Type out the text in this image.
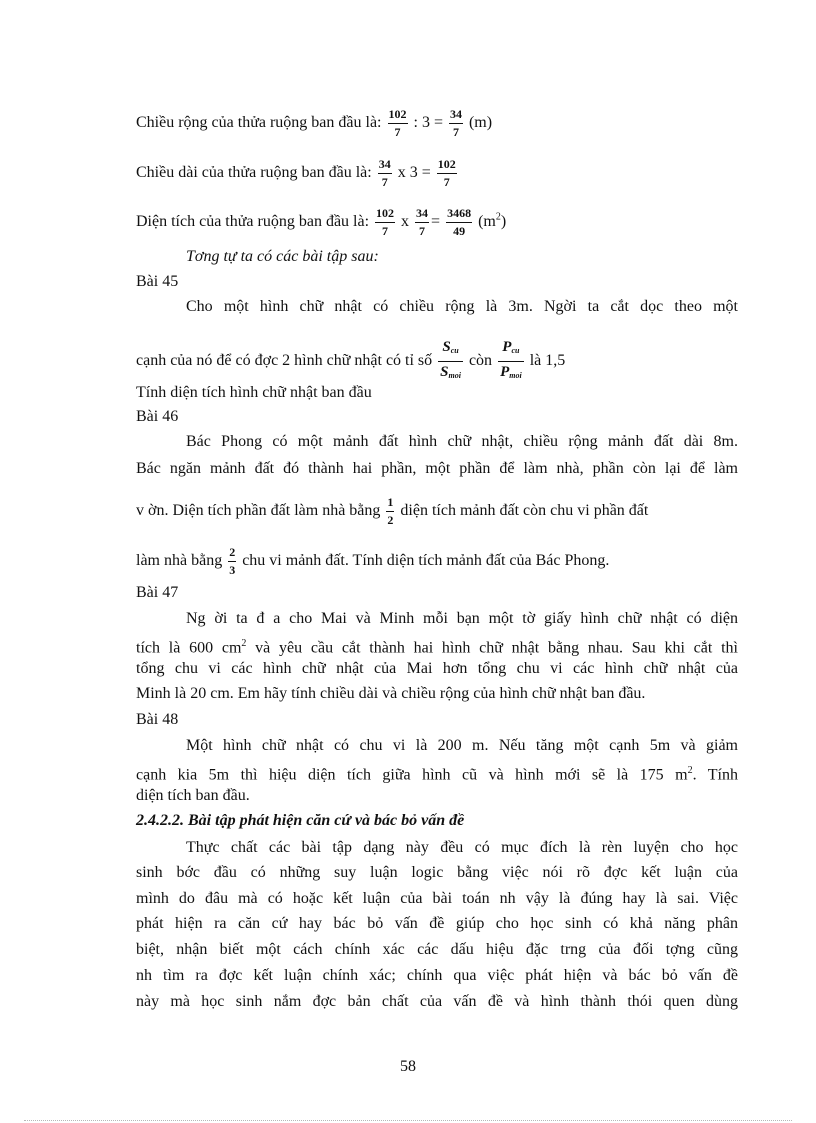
Chiều rộng của thửa ruộng ban đầu là: $\frac{102}{7}$ : $3 = \frac{34}{7} (m)$
Chiều dài của thửa ruộng ban đầu là: $\frac{34}{7}$ x $3 = \frac{102}{7}$
Diện tích của thửa ruộng ban đầu là: $\frac{102}{7}$ x $\frac{34}{7} = \frac{3468}{49} (m^2)$
Tơng tự ta có các bài tập sau:
Bài 45
Cho một hình chữ nhật có chiều rộng là 3m. Ngời ta cắt dọc theo một
cạnh của nó để có đợc 2 hình chữ nhật có tỉ số $\frac{S_{cu}}{S_{moi}}$ còn $\frac{P_{cu}}{P_{moi}}$ là 1,5
Tính diện tích hình chữ nhật ban đầu
Bài 46
Bác Phong có một mảnh đất hình chữ nhật, chiều rộng mảnh đất dài 8m.
Bác ngăn mảnh đất đó thành hai phần, một phần để làm nhà, phần còn lại để làm
v ờn. Diện tích phần đất làm nhà bằng $\frac{1}{2}$ diện tích mảnh đất còn chu vi phần đất
làm nhà bằng $\frac{2}{3}$ chu vi mảnh đất. Tính diện tích mảnh đất của Bác Phong.
Bài 47
Ng ời ta đ a cho Mai và Minh mỗi bạn một tờ giấy hình chữ nhật có diện
tích là 600 $cm^2$ và yêu cầu cắt thành hai hình chữ nhật bằng nhau. Sau khi cắt thì
tổng chu vi các hình chữ nhật của Mai hơn tổng chu vi các hình chữ nhật của
Minh là 20 cm. Em hãy tính chiều dài và chiều rộng của hình chữ nhật ban đầu.
Bài 48
Một hình chữ nhật có chu vi là 200 m. Nếu tăng một cạnh 5m và giảm
cạnh kia 5m thì hiệu diện tích giữa hình cũ và hình mới sẽ là 175 $m^2$. Tính
diện tích ban đầu.
2.4.2.2. Bài tập phát hiện căn cứ và bác bỏ vấn đề
Thực chất các bài tập dạng này đều có mục đích là rèn luyện cho học
sinh bớc đầu có những suy luận logic bằng việc nói rõ đợc kết luận của
mình do đâu mà có hoặc kết luận của bài toán nh vậy là đúng hay là sai. Việc
phát hiện ra căn cứ hay bác bỏ vấn đề giúp cho học sinh có khả năng phân
biệt, nhận biết một cách chính xác các dấu hiệu đặc trng của đối tợng cũng
nh tìm ra đợc kết luận chính xác; chính qua việc phát hiện và bác bỏ vấn đề
này mà học sinh nắm đợc bản chất của vấn đề và hình thành thói quen dùng
58
